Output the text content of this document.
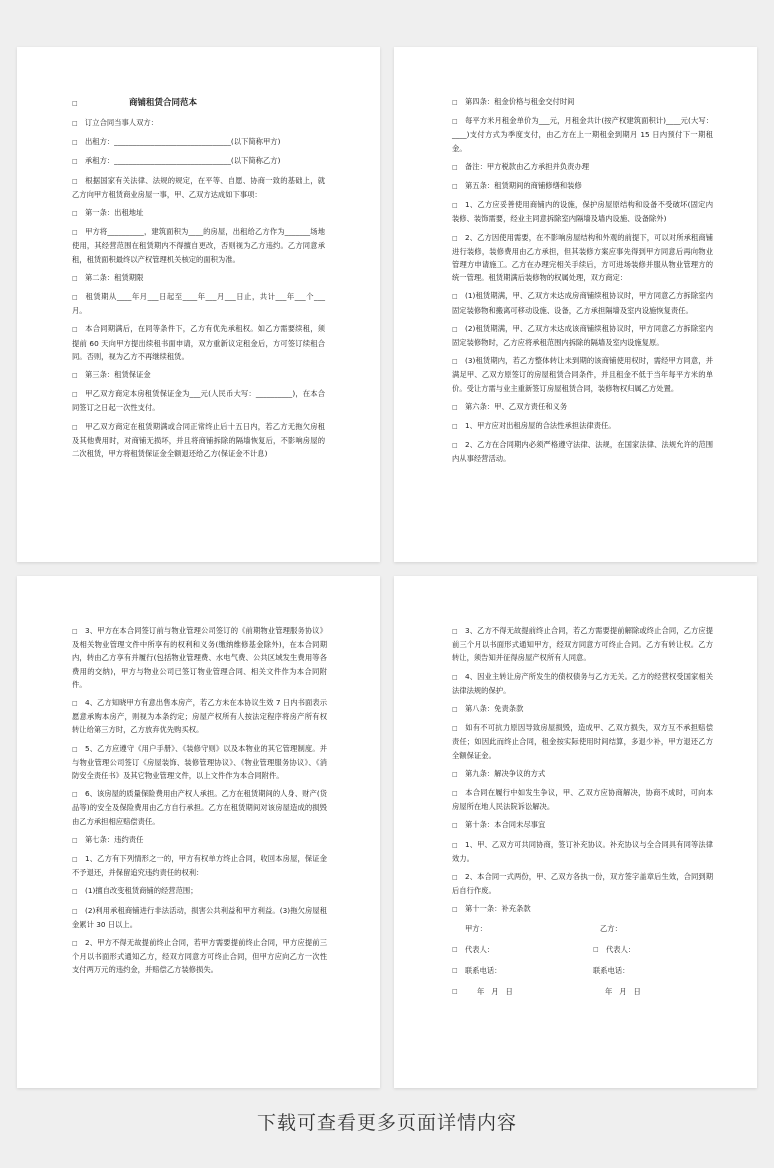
□	商铺租赁合同范本
□ 订立合同当事人双方：
□ 出租方：________________________________(以下简称甲方)
□ 承租方：________________________________(以下简称乙方)
□ 根据国家有关法律、法规的规定，在平等、自愿、协商一致的基础上，就乙方向甲方租赁商业房屋一事，甲、乙双方达成如下事项：
□ 第一条：出租地址
□ 甲方将__________，建筑面积为____的房屋，出租给乙方作为_______场地使用，其经营范围在租赁期内不得擅自更改，否则视为乙方违约。乙方同意承租，租赁面积最终以产权管理机关核定的面积为准。
□ 第二条：租赁期限
□ 租赁期从____年月___日起至____年___月___日止，共计___年___个___月。
□ 本合同期满后，在同等条件下，乙方有优先承租权。如乙方需要续租，须提前 60 天向甲方提出续租书面申请，双方重新议定租金后，方可签订续租合同。否则，视为乙方不再继续租赁。
□ 第三条：租赁保证金
□ 甲乙双方商定本房租赁保证金为___元(人民币大写：__________)，在本合同签订之日起一次性支付。
□ 甲乙双方商定在租赁期满或合同正常终止后十五日内，若乙方无拖欠房租及其他费用时，对商铺无损坏，并且将商铺拆除的隔墙恢复后，不影响房屋的二次租赁，甲方将租赁保证金全额退还给乙方(保证金不计息)
□ 第四条：租金价格与租金交付时间
□ 每平方米月租金单价为___元，月租金共计(按产权建筑面积计)____元(大写：____)支付方式为季度支付，由乙方在上一期租金到期月 15 日内预付下一期租金。
□ 备注：甲方税款由乙方承担并负责办理
□ 第五条：租赁期间的商铺修缮和装修
□ 1、乙方应妥善使用商铺内的设施，保护房屋原结构和设备不受破坏(固定内装修、装饰需要，经业主同意拆除室内隔墙及墙内设施、设备除外)
□ 2、乙方因使用需要，在不影响房屋结构和外观的前提下，可以对所承租商铺进行装修，装修费用由乙方承担，但其装修方案应事先得到甲方同意后再向物业管理方申请施工。乙方在办理完相关手续后，方可进场装修并服从物业管理方的统一管理。租赁期满后装修物的权属处理，双方商定：
□ (1)租赁期满，甲、乙双方未达成房商铺续租协议时，甲方同意乙方拆除室内固定装修物和搬离可移动设施、设备，乙方承担隔墙及室内设施恢复责任。
□ (2)租赁期满，甲、乙双方未达成该商铺续租协议时，甲方同意乙方拆除室内固定装修物时，乙方应将承租范围内拆除的隔墙及室内设施复原。
□ (3)租赁期内，若乙方整体转让未到期的该商铺使用权时，需经甲方同意，并满足甲、乙双方原签订的房屋租赁合同条件，并且租金不低于当年每平方米的单价。受让方需与业主重新签订房屋租赁合同，装修物权归属乙方处置。
□ 第六条：甲、乙双方责任和义务
□ 1、甲方应对出租房屋的合法性承担法律责任。
□ 2、乙方在合同期内必须严格遵守法律、法规，在国家法律、法规允许的范围内从事经营活动。
□ 3、甲方在本合同签订前与物业管理公司签订的《前期物业管理服务协议》及相关物业管理文件中所享有的权利和义务(缴纳维修基金除外)，在本合同期内，转由乙方享有并履行(包括物业管理费、水电气费、公共区域发生费用等各费用的交纳)，甲方与物业公司已签订物业管理合同、相关文件作为本合同附件。
□ 4、乙方知晓甲方有意出售本房产，若乙方未在本协议生效 7 日内书面表示愿意承购本房产，则视为本条约定；房屋产权所有人按法定程序将房产所有权转让给第三方时，乙方放弃优先购买权。
□ 5、乙方应遵守《用户手册》、《装修守则》以及本物业的其它管理制度。并与物业管理公司签订《房屋装饰、装修管理协议》、《物业管理服务协议》、《消防安全责任书》及其它物业管理文件，以上文件作为本合同附件。
□ 6、该房屋的质量保险费用由产权人承担。乙方在租赁期间的人身、财产(货品等)的安全及保险费用由乙方自行承担。乙方在租赁期间对该房屋造成的损毁由乙方承担相应赔偿责任。
□ 第七条：违约责任
□ 1、乙方有下列情形之一的，甲方有权单方终止合同，收回本房屋，保证金不予退还，并保留追究违约责任的权利：
□ (1)擅自改变租赁商铺的经营范围；
□ (2)利用承租商铺进行非法活动，损害公共利益和甲方利益。(3)拖欠房屋租金累计 30 日以上。
□ 2、甲方不得无故提前终止合同，若甲方需要提前终止合同，甲方应提前三个月以书面形式通知乙方，经双方同意方可终止合同，但甲方应向乙方一次性支付两万元的违约金，并赔偿乙方装修损失。
□ 3、乙方不得无故提前终止合同，若乙方需要提前解除或终止合同，乙方应提前三个月以书面形式通知甲方，经双方同意方可终止合同。乙方有转让权。乙方转让，须告知并征得房屋产权所有人同意。
□ 4、因业主转让房产所发生的债权债务与乙方无关。乙方的经营权受国家相关法律法规的保护。
□ 第八条：免责条款
□ 如有不可抗力原因导致房屋损毁，造成甲、乙双方损失，双方互不承担赔偿责任；如因此而终止合同，租金按实际使用时间结算，多退少补，甲方退还乙方全额保证金。
□ 第九条：解决争议的方式
□ 本合同在履行中如发生争议，甲、乙双方应协商解决，协商不成时，可向本房屋所在地人民法院诉讼解决。
□ 第十条：本合同未尽事宜
□ 1、甲、乙双方可共同协商，签订补充协议。补充协议与全合同具有同等法律效力。
□ 2、本合同一式两份，甲、乙双方各执一份，双方签字盖章后生效，合同到期后自行作废。
□ 第十一条：补充条款
甲方：	乙方：
□ 代表人：	□ 代表人：
□ 联系电话：	联系电话：
□	年   月   日	年   月   日
下载可查看更多页面详情内容
